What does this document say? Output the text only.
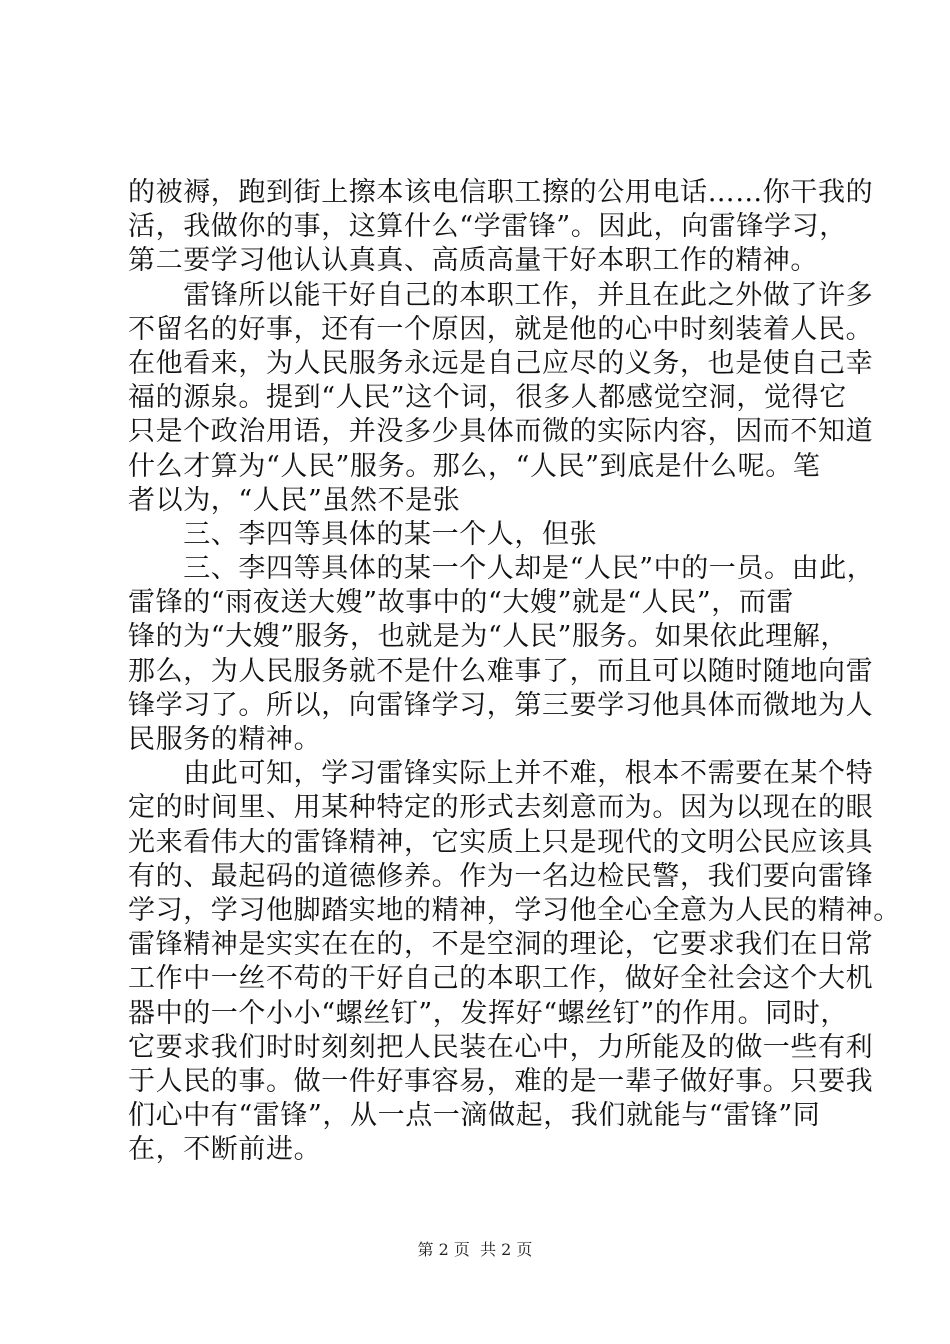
的被褥，跑到街上擦本该电信职工擦的公用电话……你干我的
活，我做你的事，这算什么“学雷锋”。因此，向雷锋学习，
第二要学习他认认真真、高质高量干好本职工作的精神。
　　雷锋所以能干好自己的本职工作，并且在此之外做了许多
不留名的好事，还有一个原因，就是他的心中时刻装着人民。
在他看来，为人民服务永远是自己应尽的义务，也是使自己幸
福的源泉。提到“人民”这个词，很多人都感觉空洞，觉得它
只是个政治用语，并没多少具体而微的实际内容，因而不知道
什么才算为“人民”服务。那么，“人民”到底是什么呢。笔
者以为，“人民”虽然不是张
　　三、李四等具体的某一个人，但张
　　三、李四等具体的某一个人却是“人民”中的一员。由此，
雷锋的“雨夜送大嫂”故事中的“大嫂”就是“人民”，而雷
锋的为“大嫂”服务，也就是为“人民”服务。如果依此理解，
那么，为人民服务就不是什么难事了，而且可以随时随地向雷
锋学习了。所以，向雷锋学习，第三要学习他具体而微地为人
民服务的精神。
　　由此可知，学习雷锋实际上并不难，根本不需要在某个特
定的时间里、用某种特定的形式去刻意而为。因为以现在的眼
光来看伟大的雷锋精神，它实质上只是现代的文明公民应该具
有的、最起码的道德修养。作为一名边检民警，我们要向雷锋
学习，学习他脚踏实地的精神，学习他全心全意为人民的精神。
雷锋精神是实实在在的，不是空洞的理论，它要求我们在日常
工作中一丝不苟的干好自己的本职工作，做好全社会这个大机
器中的一个小小“螺丝钉”，发挥好“螺丝钉”的作用。同时，
它要求我们时时刻刻把人民装在心中，力所能及的做一些有利
于人民的事。做一件好事容易，难的是一辈子做好事。只要我
们心中有“雷锋”，从一点一滴做起，我们就能与“雷锋”同
在，不断前进。
第 2 页  共 2 页
